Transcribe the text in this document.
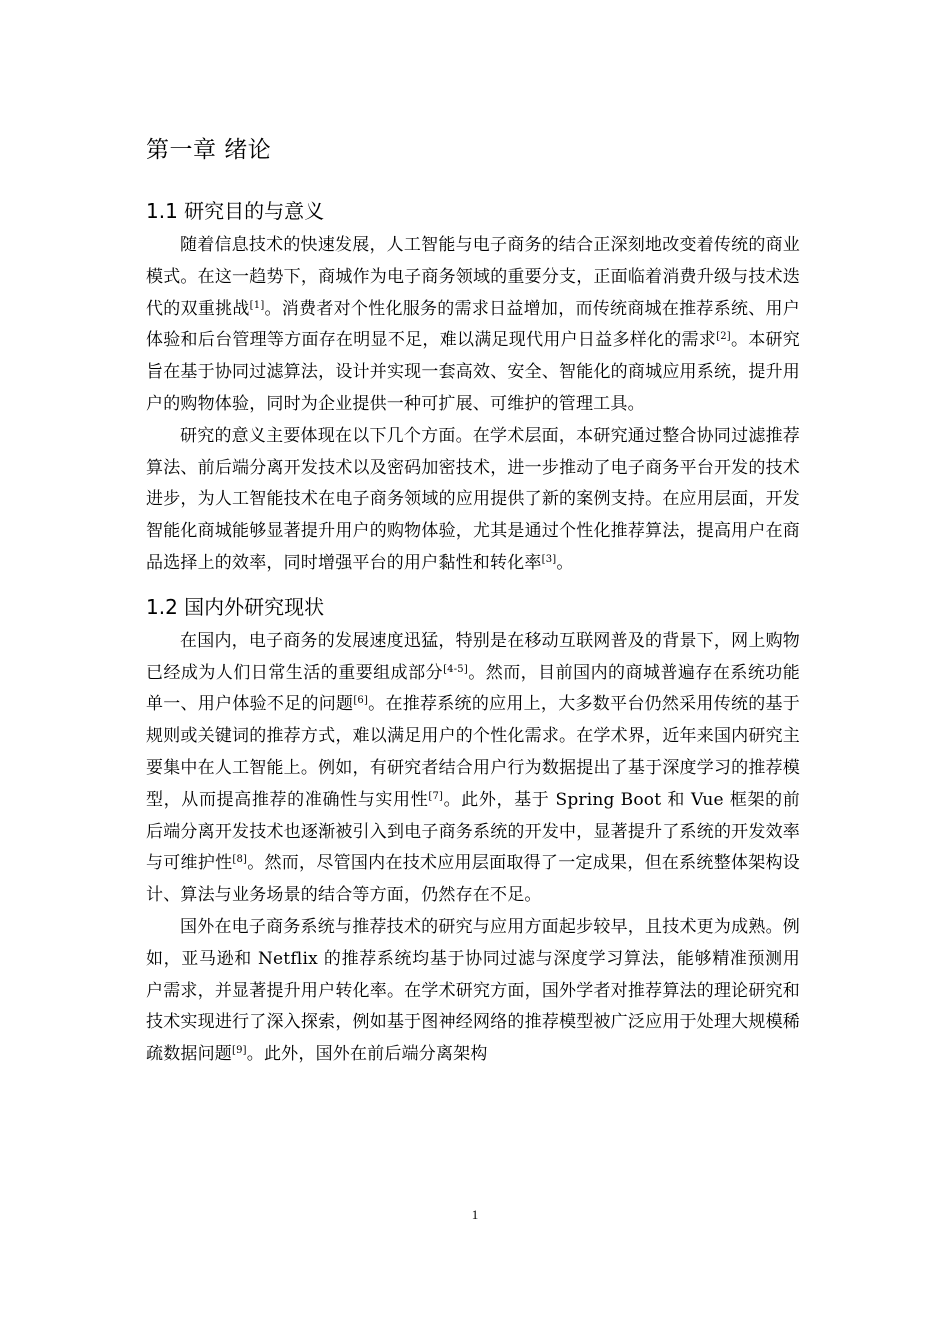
第一章 绪论
1.1 研究目的与意义

随着信息技术的快速发展，人工智能与电子商务的结合正深刻地改变着传统的商业模式。在这一趋势下，商城作为电子商务领域的重要分支，正面临着消费升级与技术迭代的双重挑战[1]。消费者对个性化服务的需求日益增加，而传统商城在推荐系统、用户体验和后台管理等方面存在明显不足，难以满足现代用户日益多样化的需求[2]。本研究旨在基于协同过滤算法，设计并实现一套高效、安全、智能化的商城应用系统，提升用户的购物体验，同时为企业提供一种可扩展、可维护的管理工具。

研究的意义主要体现在以下几个方面。在学术层面，本研究通过整合协同过滤推荐算法、前后端分离开发技术以及密码加密技术，进一步推动了电子商务平台开发的技术进步，为人工智能技术在电子商务领域的应用提供了新的案例支持。在应用层面，开发智能化商城能够显著提升用户的购物体验，尤其是通过个性化推荐算法，提高用户在商品选择上的效率，同时增强平台的用户黏性和转化率[3]。

1.2 国内外研究现状

在国内，电子商务的发展速度迅猛，特别是在移动互联网普及的背景下，网上购物已经成为人们日常生活的重要组成部分[4-5]。然而，目前国内的商城普遍存在系统功能单一、用户体验不足的问题[6]。在推荐系统的应用上，大多数平台仍然采用传统的基于规则或关键词的推荐方式，难以满足用户的个性化需求。在学术界，近年来国内研究主要集中在人工智能上。例如，有研究者结合用户行为数据提出了基于深度学习的推荐模型，从而提高推荐的准确性与实用性[7]。此外，基于 Spring Boot 和 Vue 框架的前后端分离开发技术也逐渐被引入到电子商务系统的开发中，显著提升了系统的开发效率与可维护性[8]。然而，尽管国内在技术应用层面取得了一定成果，但在系统整体架构设计、算法与业务场景的结合等方面，仍然存在不足。

国外在电子商务系统与推荐技术的研究与应用方面起步较早，且技术更为成熟。例如，亚马逊和 Netflix 的推荐系统均基于协同过滤与深度学习算法，能够精准预测用户需求，并显著提升用户转化率。在学术研究方面，国外学者对推荐算法的理论研究和技术实现进行了深入探索，例如基于图神经网络的推荐模型被广泛应用于处理大规模稀疏数据问题[9]。此外，国外在前后端分离架构

1
